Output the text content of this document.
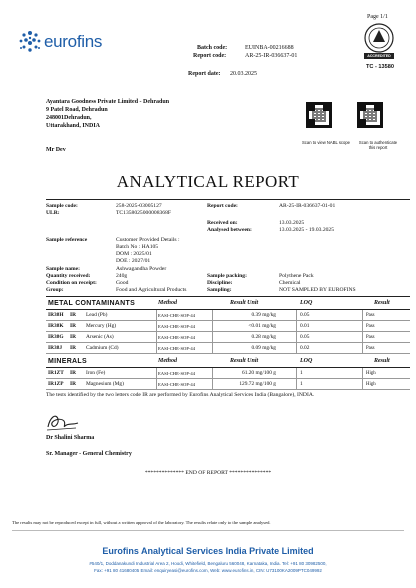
Page 1/1
eurofins	Batch code:	EUINBA-00216688
Report code:	AR-25-IR-036637-01
Report date: 20.03.2025
ACCREDITED
TC - 13580
Ayantara Goodness Private Limited - Dehradun
9 Patel Road, Dehradun
248001Dehradun,
Uttarakhand, INDIA
Mr Dev
Scan to view NABL scope	Scan to authenticate this report
ANALYTICAL REPORT
Sample code:	258-2025-03005127
ULR:	TC1358025000008368F
Report code:	AR-25-IR-036637-01-01
Received on:	13.03.2025
Analysed between:	13.03.2025 - 19.03.2025
Sample reference	Customer Provided Details :
Batch No : HA105
DOM : 2025/01
DOE : 2027/01
Sample name:	Ashwagandha Powder
Quantity received:	240g
Condition on receipt:	Good
Group:	Food and Agricultural Products
Sample packing:	Polythene Pack
Discipline:	Chemical
Sampling:	NOT SAMPLED BY EUROFINS
METAL CONTAMINANTS	Method	Result Unit	LOQ	Result
IR38H IR Lead (Pb)	EASI-CHE-SOP-44	0.39 mg/kg	0.05	Pass
IR38K IR Mercury (Hg)	EASI-CHE-SOP-44	<0.01 mg/kg	0.01	Pass
IR38G IR Arsenic (As)	EASI-CHE-SOP-44	0.28 mg/kg	0.05	Pass
IR38J IR Cadmium (Cd)	EASI-CHE-SOP-44	0.09 mg/kg	0.02	Pass
MINERALS	Method	Result Unit	LOQ	Result
IR1ZT IR Iron (Fe)	EASI-CHE-SOP-44	61.20 mg/100 g	1	High
IR1ZP IR Magnesium (Mg)	EASI-CHE-SOP-44	129.72 mg/100 g	1	High
The tests identified by the two letters code IR are performed by Eurofins Analytical Services India (Bangalore), INDIA.
Dr Shalini Sharma
Sr. Manager - General Chemistry
************** END OF REPORT ***************
The results may not be reproduced except in full, without a written approval of the laboratory. The results relate only to the sample analysed.
Eurofins Analytical Services India Private Limited
#540/1, Doddanakundi Industrial Area 2, Hoodi, Whitefield, Bengaluru 560048, Karnataka, India. Tel: +91 80 30982500,
Fax: +91 80 41680405 Email: enquiryeasi@eurofins.com, Web: www.eurofins.in, CIN: U73100KA2009PTC049992
